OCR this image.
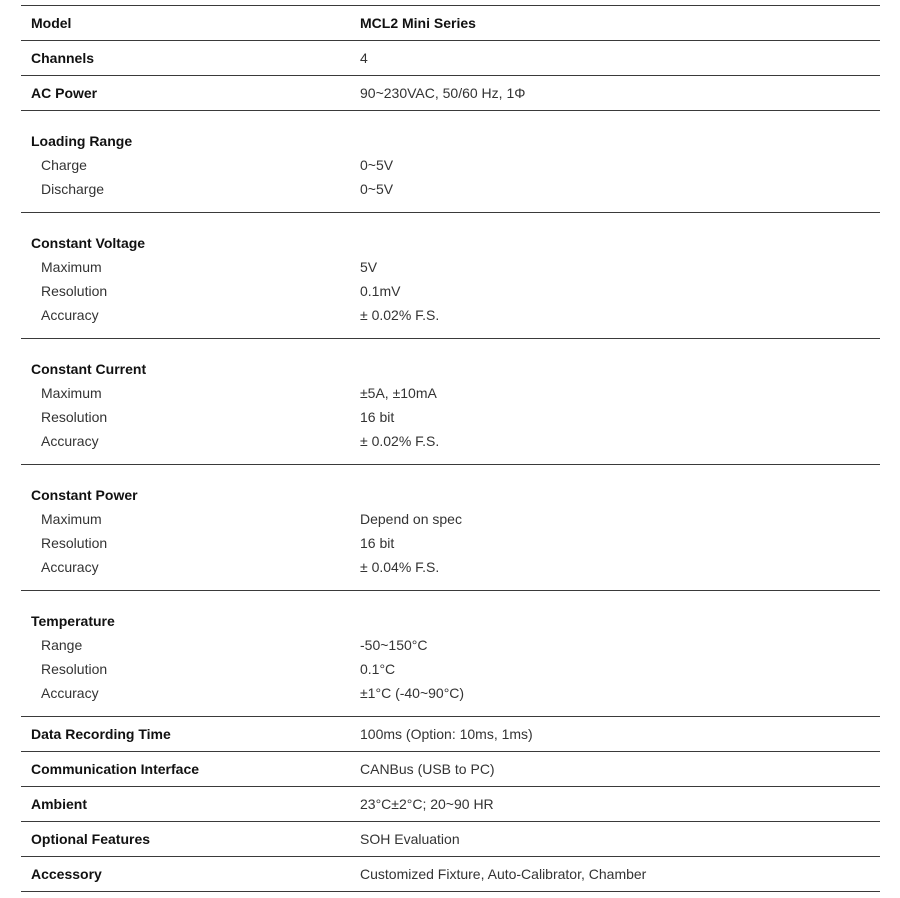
Model	MCL2 Mini Series
Channels	4
AC Power	90~230VAC, 50/60 Hz, 1Φ
Loading Range
Charge	0~5V
Discharge	0~5V
Constant Voltage
Maximum	5V
Resolution	0.1mV
Accuracy	± 0.02% F.S.
Constant Current
Maximum	±5A, ±10mA
Resolution	16 bit
Accuracy	± 0.02% F.S.
Constant Power
Maximum	Depend on spec
Resolution	16 bit
Accuracy	± 0.04% F.S.
Temperature
Range	-50~150°C
Resolution	0.1°C
Accuracy	±1°C (-40~90°C)
Data Recording Time	100ms (Option: 10ms, 1ms)
Communication Interface	CANBus (USB to PC)
Ambient	23°C±2°C; 20~90 HR
Optional Features	SOH Evaluation
Accessory	Customized Fixture, Auto-Calibrator, Chamber
